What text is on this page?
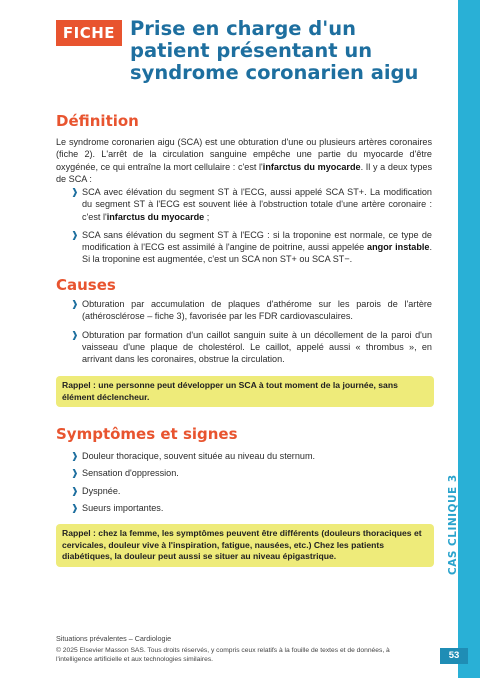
CAS CLINIQUE 3
53
FICHE 10
Prise en charge d'un patient présentant un syndrome coronarien aigu
Définition

Le syndrome coronarien aigu (SCA) est une obturation d'une ou plusieurs artères coronaires (fiche 2). L'arrêt de la circulation sanguine empêche une partie du myocarde d'être oxygénée, ce qui entraîne la mort cellulaire : c'est l'infarctus du myocarde. Il y a deux types de SCA :

❱ SCA avec élévation du segment ST à l'ECG, aussi appelé SCA ST+. La modification du segment ST à l'ECG est souvent liée à l'obstruction totale d'une artère coronaire : c'est l'infarctus du myocarde ;
❱ SCA sans élévation du segment ST à l'ECG : si la troponine est normale, ce type de modification à l'ECG est assimilé à l'angine de poitrine, aussi appelée angor instable. Si la troponine est augmentée, c'est un SCA non ST+ ou SCA ST−.
Causes
❱ Obturation par accumulation de plaques d'athérome sur les parois de l'artère (athérosclérose – fiche 3), favorisée par les FDR cardiovasculaires.
❱ Obturation par formation d'un caillot sanguin suite à un décollement de la paroi d'un vaisseau d'une plaque de cholestérol. Le caillot, appelé aussi « thrombus », en arrivant dans les coronaires, obstrue la circulation.
Rappel : une personne peut développer un SCA à tout moment de la journée, sans élément déclencheur.
Symptômes et signes
❱ Douleur thoracique, souvent située au niveau du sternum.
❱ Sensation d'oppression.
❱ Dyspnée.
❱ Sueurs importantes.
Rappel : chez la femme, les symptômes peuvent être différents (douleurs thoraciques et cervicales, douleur vive à l'inspiration, fatigue, nausées, etc.) Chez les patients diabétiques, la douleur peut aussi se situer au niveau épigastrique.

Situations prévalentes – Cardiologie

© 2025 Elsevier Masson SAS. Tous droits réservés, y compris ceux relatifs à la fouille de textes et de données, à l'intelligence artificielle et aux technologies similaires.
